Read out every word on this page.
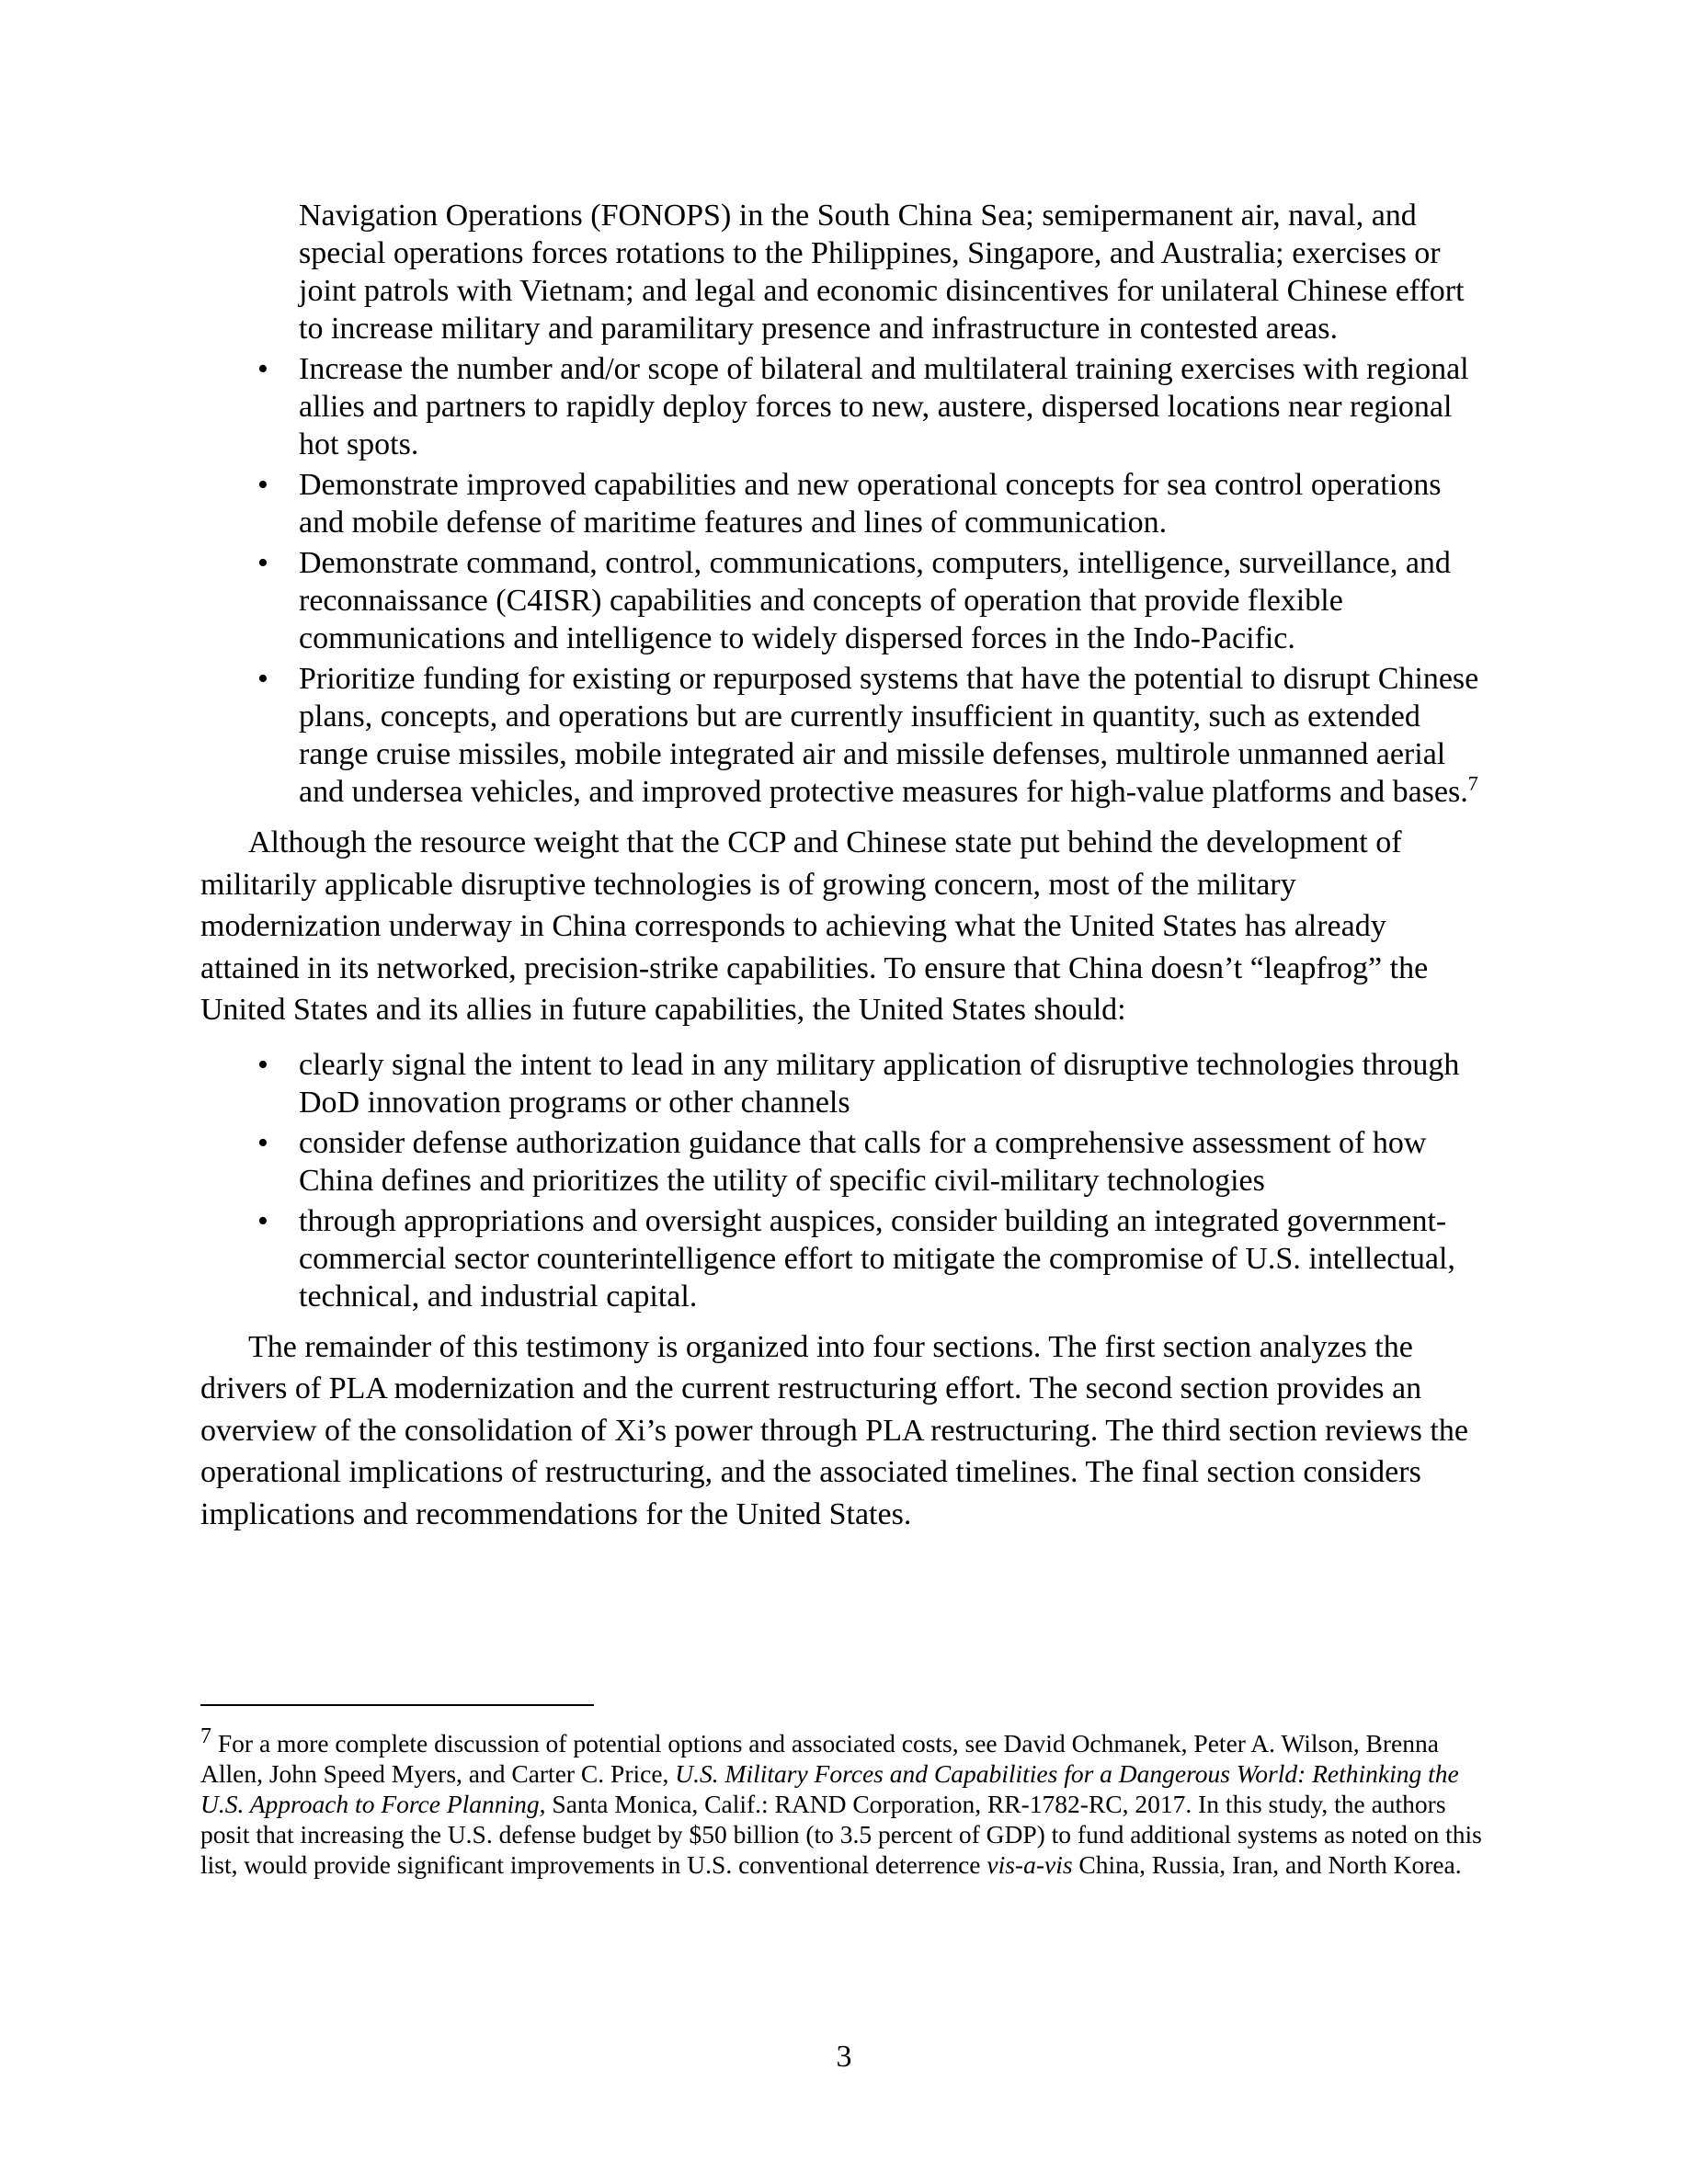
Navigation Operations (FONOPS) in the South China Sea; semipermanent air, naval, and special operations forces rotations to the Philippines, Singapore, and Australia; exercises or joint patrols with Vietnam; and legal and economic disincentives for unilateral Chinese effort to increase military and paramilitary presence and infrastructure in contested areas.
• Increase the number and/or scope of bilateral and multilateral training exercises with regional allies and partners to rapidly deploy forces to new, austere, dispersed locations near regional hot spots.
• Demonstrate improved capabilities and new operational concepts for sea control operations and mobile defense of maritime features and lines of communication.
• Demonstrate command, control, communications, computers, intelligence, surveillance, and reconnaissance (C4ISR) capabilities and concepts of operation that provide flexible communications and intelligence to widely dispersed forces in the Indo-Pacific.
• Prioritize funding for existing or repurposed systems that have the potential to disrupt Chinese plans, concepts, and operations but are currently insufficient in quantity, such as extended range cruise missiles, mobile integrated air and missile defenses, multirole unmanned aerial and undersea vehicles, and improved protective measures for high-value platforms and bases.$^7$

Although the resource weight that the CCP and Chinese state put behind the development of militarily applicable disruptive technologies is of growing concern, most of the military modernization underway in China corresponds to achieving what the United States has already attained in its networked, precision-strike capabilities. To ensure that China doesn’t “leapfrog” the United States and its allies in future capabilities, the United States should:

• clearly signal the intent to lead in any military application of disruptive technologies through DoD innovation programs or other channels
• consider defense authorization guidance that calls for a comprehensive assessment of how China defines and prioritizes the utility of specific civil-military technologies
• through appropriations and oversight auspices, consider building an integrated government-commercial sector counterintelligence effort to mitigate the compromise of U.S. intellectual, technical, and industrial capital.

The remainder of this testimony is organized into four sections. The first section analyzes the drivers of PLA modernization and the current restructuring effort. The second section provides an overview of the consolidation of Xi’s power through PLA restructuring. The third section reviews the operational implications of restructuring, and the associated timelines. The final section considers implications and recommendations for the United States.

$^7$ For a more complete discussion of potential options and associated costs, see David Ochmanek, Peter A. Wilson, Brenna Allen, John Speed Myers, and Carter C. Price, U.S. Military Forces and Capabilities for a Dangerous World: Rethinking the U.S. Approach to Force Planning, Santa Monica, Calif.: RAND Corporation, RR-1782-RC, 2017. In this study, the authors posit that increasing the U.S. defense budget by $50 billion (to 3.5 percent of GDP) to fund additional systems as noted on this list, would provide significant improvements in U.S. conventional deterrence vis-a-vis China, Russia, Iran, and North Korea.
3
